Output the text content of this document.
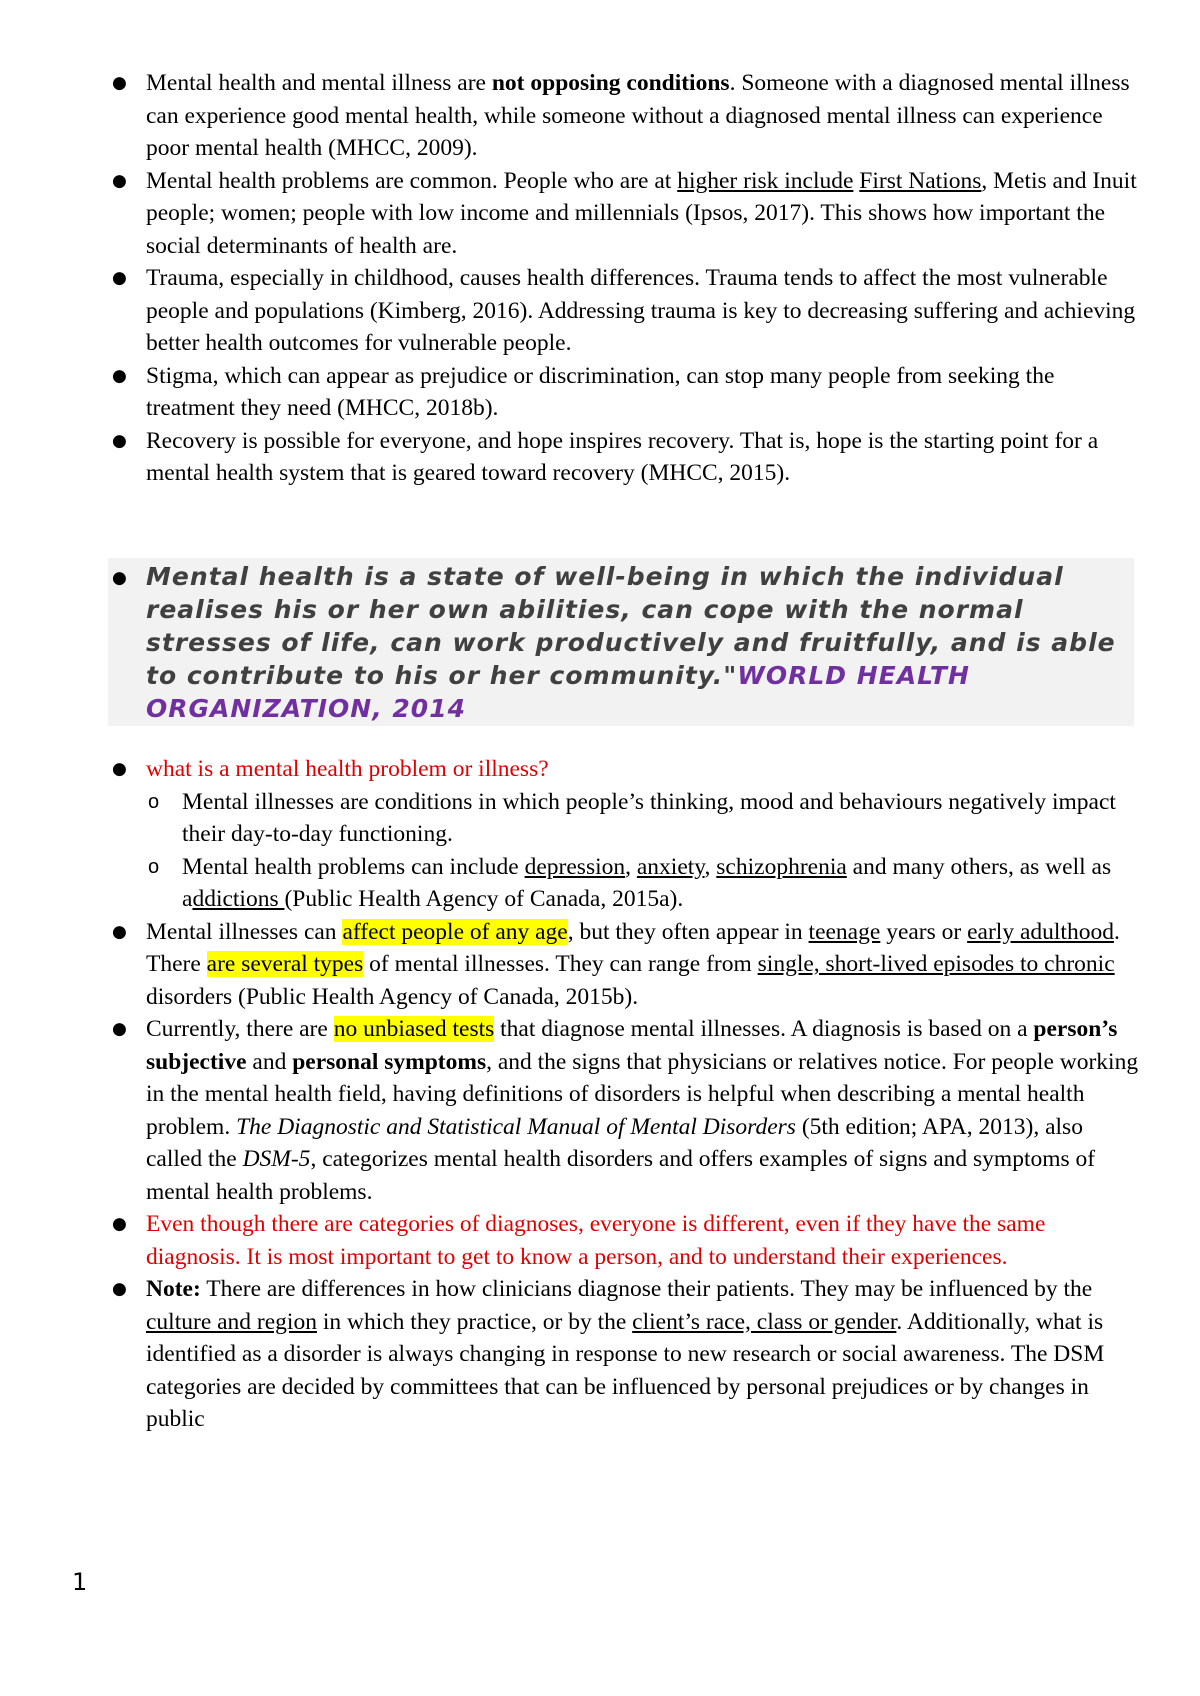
● Mental health and mental illness are not opposing conditions. Someone with a diagnosed mental illness can experience good mental health, while someone without a diagnosed mental illness can experience poor mental health (MHCC, 2009).
● Mental health problems are common. People who are at higher risk include First Nations, Metis and Inuit people; women; people with low income and millennials (Ipsos, 2017). This shows how important the social determinants of health are.
● Trauma, especially in childhood, causes health differences. Trauma tends to affect the most vulnerable people and populations (Kimberg, 2016). Addressing trauma is key to decreasing suffering and achieving better health outcomes for vulnerable people.
● Stigma, which can appear as prejudice or discrimination, can stop many people from seeking the treatment they need (MHCC, 2018b).
● Recovery is possible for everyone, and hope inspires recovery. That is, hope is the starting point for a mental health system that is geared toward recovery (MHCC, 2015).
● Mental health is a state of well-being in which the individual realises his or her own abilities, can cope with the normal stresses of life, can work productively and fruitfully, and is able to contribute to his or her community."WORLD HEALTH ORGANIZATION, 2014
● what is a mental health problem or illness?
o Mental illnesses are conditions in which people’s thinking, mood and behaviours negatively impact their day-to-day functioning.
o Mental health problems can include depression, anxiety, schizophrenia and many others, as well as addictions (Public Health Agency of Canada, 2015a).
● Mental illnesses can affect people of any age, but they often appear in teenage years or early adulthood. There are several types of mental illnesses. They can range from single, short-lived episodes to chronic disorders (Public Health Agency of Canada, 2015b).
● Currently, there are no unbiased tests that diagnose mental illnesses. A diagnosis is based on a person’s subjective and personal symptoms, and the signs that physicians or relatives notice. For people working in the mental health field, having definitions of disorders is helpful when describing a mental health problem. The Diagnostic and Statistical Manual of Mental Disorders (5th edition; APA, 2013), also called the DSM-5, categorizes mental health disorders and offers examples of signs and symptoms of mental health problems.
● Even though there are categories of diagnoses, everyone is different, even if they have the same diagnosis. It is most important to get to know a person, and to understand their experiences.
● Note: There are differences in how clinicians diagnose their patients. They may be influenced by the culture and region in which they practice, or by the client’s race, class or gender. Additionally, what is identified as a disorder is always changing in response to new research or social awareness. The DSM categories are decided by committees that can be influenced by personal prejudices or by changes in public
1
